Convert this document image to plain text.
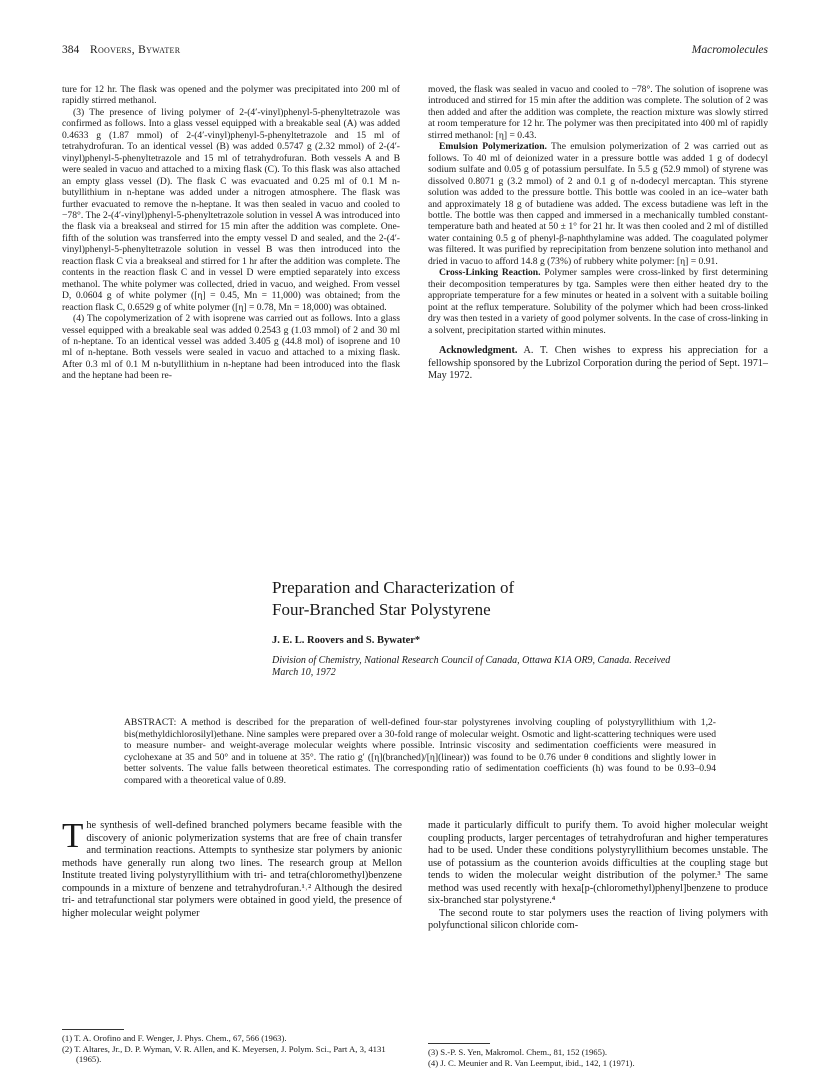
384 Roovers, Bywater	Macromolecules

ture for 12 hr. The flask was opened and the polymer was precipitated into 200 ml of rapidly stirred methanol.

(3) The presence of living polymer of 2-(4′-vinyl)phenyl-5-phenyltetrazole was confirmed as follows. Into a glass vessel equipped with a breakable seal (A) was added 0.4633 g (1.87 mmol) of 2-(4′-vinyl)phenyl-5-phenyltetrazole and 15 ml of tetrahydrofuran. To an identical vessel (B) was added 0.5747 g (2.32 mmol) of 2-(4′-vinyl)phenyl-5-phenyltetrazole and 15 ml of tetrahydrofuran. Both vessels A and B were sealed in vacuo and attached to a mixing flask (C). To this flask was also attached an empty glass vessel (D). The flask C was evacuated and 0.25 ml of 0.1 M n-butyllithium in n-heptane was added under a nitrogen atmosphere. The flask was further evacuated to remove the n-heptane. It was then sealed in vacuo and cooled to −78°. The 2-(4′-vinyl)phenyl-5-phenyltetrazole solution in vessel A was introduced into the flask via a breakseal and stirred for 15 min after the addition was complete. One-fifth of the solution was transferred into the empty vessel D and sealed, and the 2-(4′-vinyl)phenyl-5-phenyltetrazole solution in vessel B was then introduced into the reaction flask C via a breakseal and stirred for 1 hr after the addition was complete. The contents in the reaction flask C and in vessel D were emptied separately into excess methanol. The white polymer was collected, dried in vacuo, and weighed. From vessel D, 0.0604 g of white polymer ([η] = 0.45, Mn = 11,000) was obtained; from the reaction flask C, 0.6529 g of white polymer ([η] = 0.78, Mn = 18,000) was obtained.

(4) The copolymerization of 2 with isoprene was carried out as follows. Into a glass vessel equipped with a breakable seal was added 0.2543 g (1.03 mmol) of 2 and 30 ml of n-heptane. To an identical vessel was added 3.405 g (44.8 mol) of isoprene and 10 ml of n-heptane. Both vessels were sealed in vacuo and attached to a mixing flask. After 0.3 ml of 0.1 M n-butyllithium in n-heptane had been introduced into the flask and the heptane had been re-

moved, the flask was sealed in vacuo and cooled to −78°. The solution of isoprene was introduced and stirred for 15 min after the addition was complete. The solution of 2 was then added and after the addition was complete, the reaction mixture was slowly stirred at room temperature for 12 hr. The polymer was then precipitated into 400 ml of rapidly stirred methanol: [η] = 0.43.

Emulsion Polymerization. The emulsion polymerization of 2 was carried out as follows. To 40 ml of deionized water in a pressure bottle was added 1 g of dodecyl sodium sulfate and 0.05 g of potassium persulfate. In 5.5 g (52.9 mmol) of styrene was dissolved 0.8071 g (3.2 mmol) of 2 and 0.1 g of n-dodecyl mercaptan. This styrene solution was added to the pressure bottle. This bottle was cooled in an ice–water bath and approximately 18 g of butadiene was added. The excess butadiene was left in the bottle. The bottle was then capped and immersed in a mechanically tumbled constant-temperature bath and heated at 50 ± 1° for 21 hr. It was then cooled and 2 ml of distilled water containing 0.5 g of phenyl-β-naphthylamine was added. The coagulated polymer was filtered. It was purified by reprecipitation from benzene solution into methanol and dried in vacuo to afford 14.8 g (73%) of rubbery white polymer: [η] = 0.91.

Cross-Linking Reaction. Polymer samples were cross-linked by first determining their decomposition temperatures by tga. Samples were then either heated dry to the appropriate temperature for a few minutes or heated in a solvent with a suitable boiling point at the reflux temperature. Solubility of the polymer which had been cross-linked dry was then tested in a variety of good polymer solvents. In the case of cross-linking in a solvent, precipitation started within minutes.

Acknowledgment. A. T. Chen wishes to express his appreciation for a fellowship sponsored by the Lubrizol Corporation during the period of Sept. 1971–May 1972.

Preparation and Characterization of
Four-Branched Star Polystyrene
J. E. L. Roovers and S. Bywater*
Division of Chemistry, National Research Council of Canada, Ottawa K1A OR9, Canada. Received March 10, 1972
ABSTRACT: A method is described for the preparation of well-defined four-star polystyrenes involving coupling of polystyryllithium with 1,2-bis(methyldichlorosilyl)ethane. Nine samples were prepared over a 30-fold range of molecular weight. Osmotic and light-scattering techniques were used to measure number- and weight-average molecular weights where possible. Intrinsic viscosity and sedimentation coefficients were measured in cyclohexane at 35 and 50° and in toluene at 35°. The ratio g′ ([η](branched)/[η](linear)) was found to be 0.76 under θ conditions and slightly lower in better solvents. The value falls between theoretical estimates. The corresponding ratio of sedimentation coefficients (h) was found to be 0.93–0.94 compared with a theoretical value of 0.89.

The synthesis of well-defined branched polymers became feasible with the discovery of anionic polymerization systems that are free of chain transfer and termination reactions. Attempts to synthesize star polymers by anionic methods have generally run along two lines. The research group at Mellon Institute treated living polystyryllithium with tri- and tetra(chloromethyl)benzene compounds in a mixture of benzene and tetrahydrofuran.¹˒² Although the desired tri- and tetrafunctional star polymers were obtained in good yield, the presence of higher molecular weight polymer

made it particularly difficult to purify them. To avoid higher molecular weight coupling products, larger percentages of tetrahydrofuran and higher temperatures had to be used. Under these conditions polystyryllithium becomes unstable. The use of potassium as the counterion avoids difficulties at the coupling stage but tends to widen the molecular weight distribution of the polymer.³ The same method was used recently with hexa[p-(chloromethyl)phenyl]benzene to produce six-branched star polystyrene.⁴

The second route to star polymers uses the reaction of living polymers with polyfunctional silicon chloride com-

(1) T. A. Orofino and F. Wenger, J. Phys. Chem., 67, 566 (1963).
(2) T. Altares, Jr., D. P. Wyman, V. R. Allen, and K. Meyersen, J. Polym. Sci., Part A, 3, 4131 (1965).
(3) S.-P. S. Yen, Makromol. Chem., 81, 152 (1965).
(4) J. C. Meunier and R. Van Leemput, ibid., 142, 1 (1971).
